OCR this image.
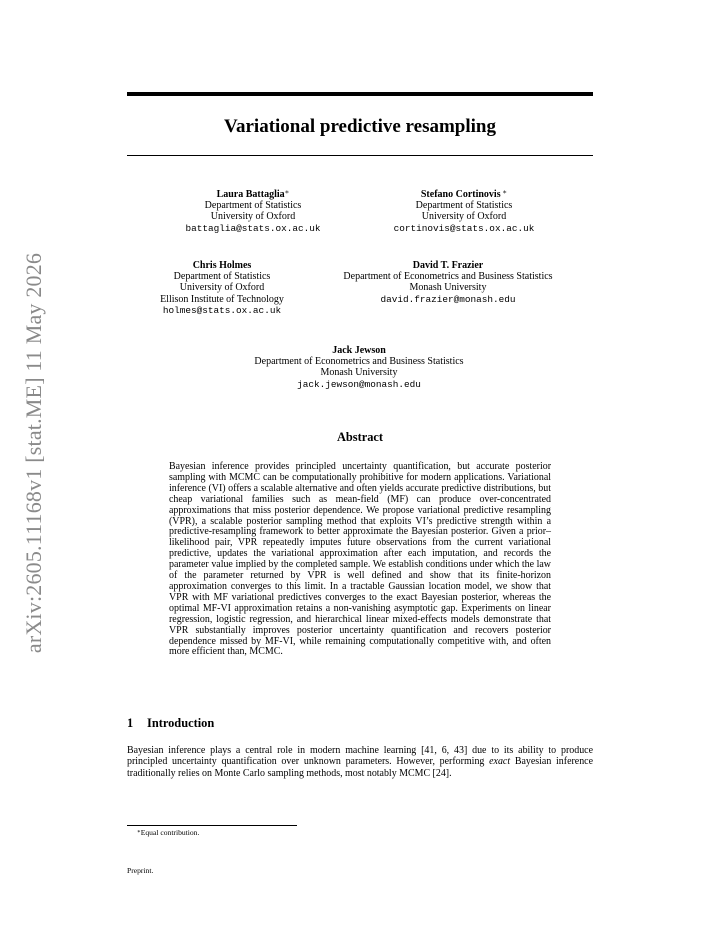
arXiv:2605.11168v1 [stat.ME] 11 May 2026
Variational predictive resampling
Laura Battaglia∗
Department of Statistics
University of Oxford
battaglia@stats.ox.ac.uk
Stefano Cortinovis ∗
Department of Statistics
University of Oxford
cortinovis@stats.ox.ac.uk
Chris Holmes
Department of Statistics
University of Oxford
Ellison Institute of Technology
holmes@stats.ox.ac.uk
David T. Frazier
Department of Econometrics and Business Statistics
Monash University
david.frazier@monash.edu
Jack Jewson
Department of Econometrics and Business Statistics
Monash University
jack.jewson@monash.edu
Abstract
Bayesian inference provides principled uncertainty quantification, but accurate posterior sampling with MCMC can be computationally prohibitive for modern applications. Variational inference (VI) offers a scalable alternative and often yields accurate predictive distributions, but cheap variational families such as mean-field (MF) can produce over-concentrated approximations that miss posterior dependence. We propose variational predictive resampling (VPR), a scalable posterior sampling method that exploits VI’s predictive strength within a predictive-resampling framework to better approximate the Bayesian posterior. Given a prior–likelihood pair, VPR repeatedly imputes future observations from the current variational predictive, updates the variational approximation after each imputation, and records the parameter value implied by the completed sample. We establish conditions under which the law of the parameter returned by VPR is well defined and show that its finite-horizon approximation converges to this limit. In a tractable Gaussian location model, we show that VPR with MF variational predictives converges to the exact Bayesian posterior, whereas the optimal MF-VI approximation retains a non-vanishing asymptotic gap. Experiments on linear regression, logistic regression, and hierarchical linear mixed-effects models demonstrate that VPR substantially improves posterior uncertainty quantification and recovers posterior dependence missed by MF-VI, while remaining computationally competitive with, and often more efficient than, MCMC.
1 Introduction
Bayesian inference plays a central role in modern machine learning [41, 6, 43] due to its ability to produce principled uncertainty quantification over unknown parameters. However, performing exact Bayesian inference traditionally relies on Monte Carlo sampling methods, most notably MCMC [24].
∗Equal contribution.
Preprint.
